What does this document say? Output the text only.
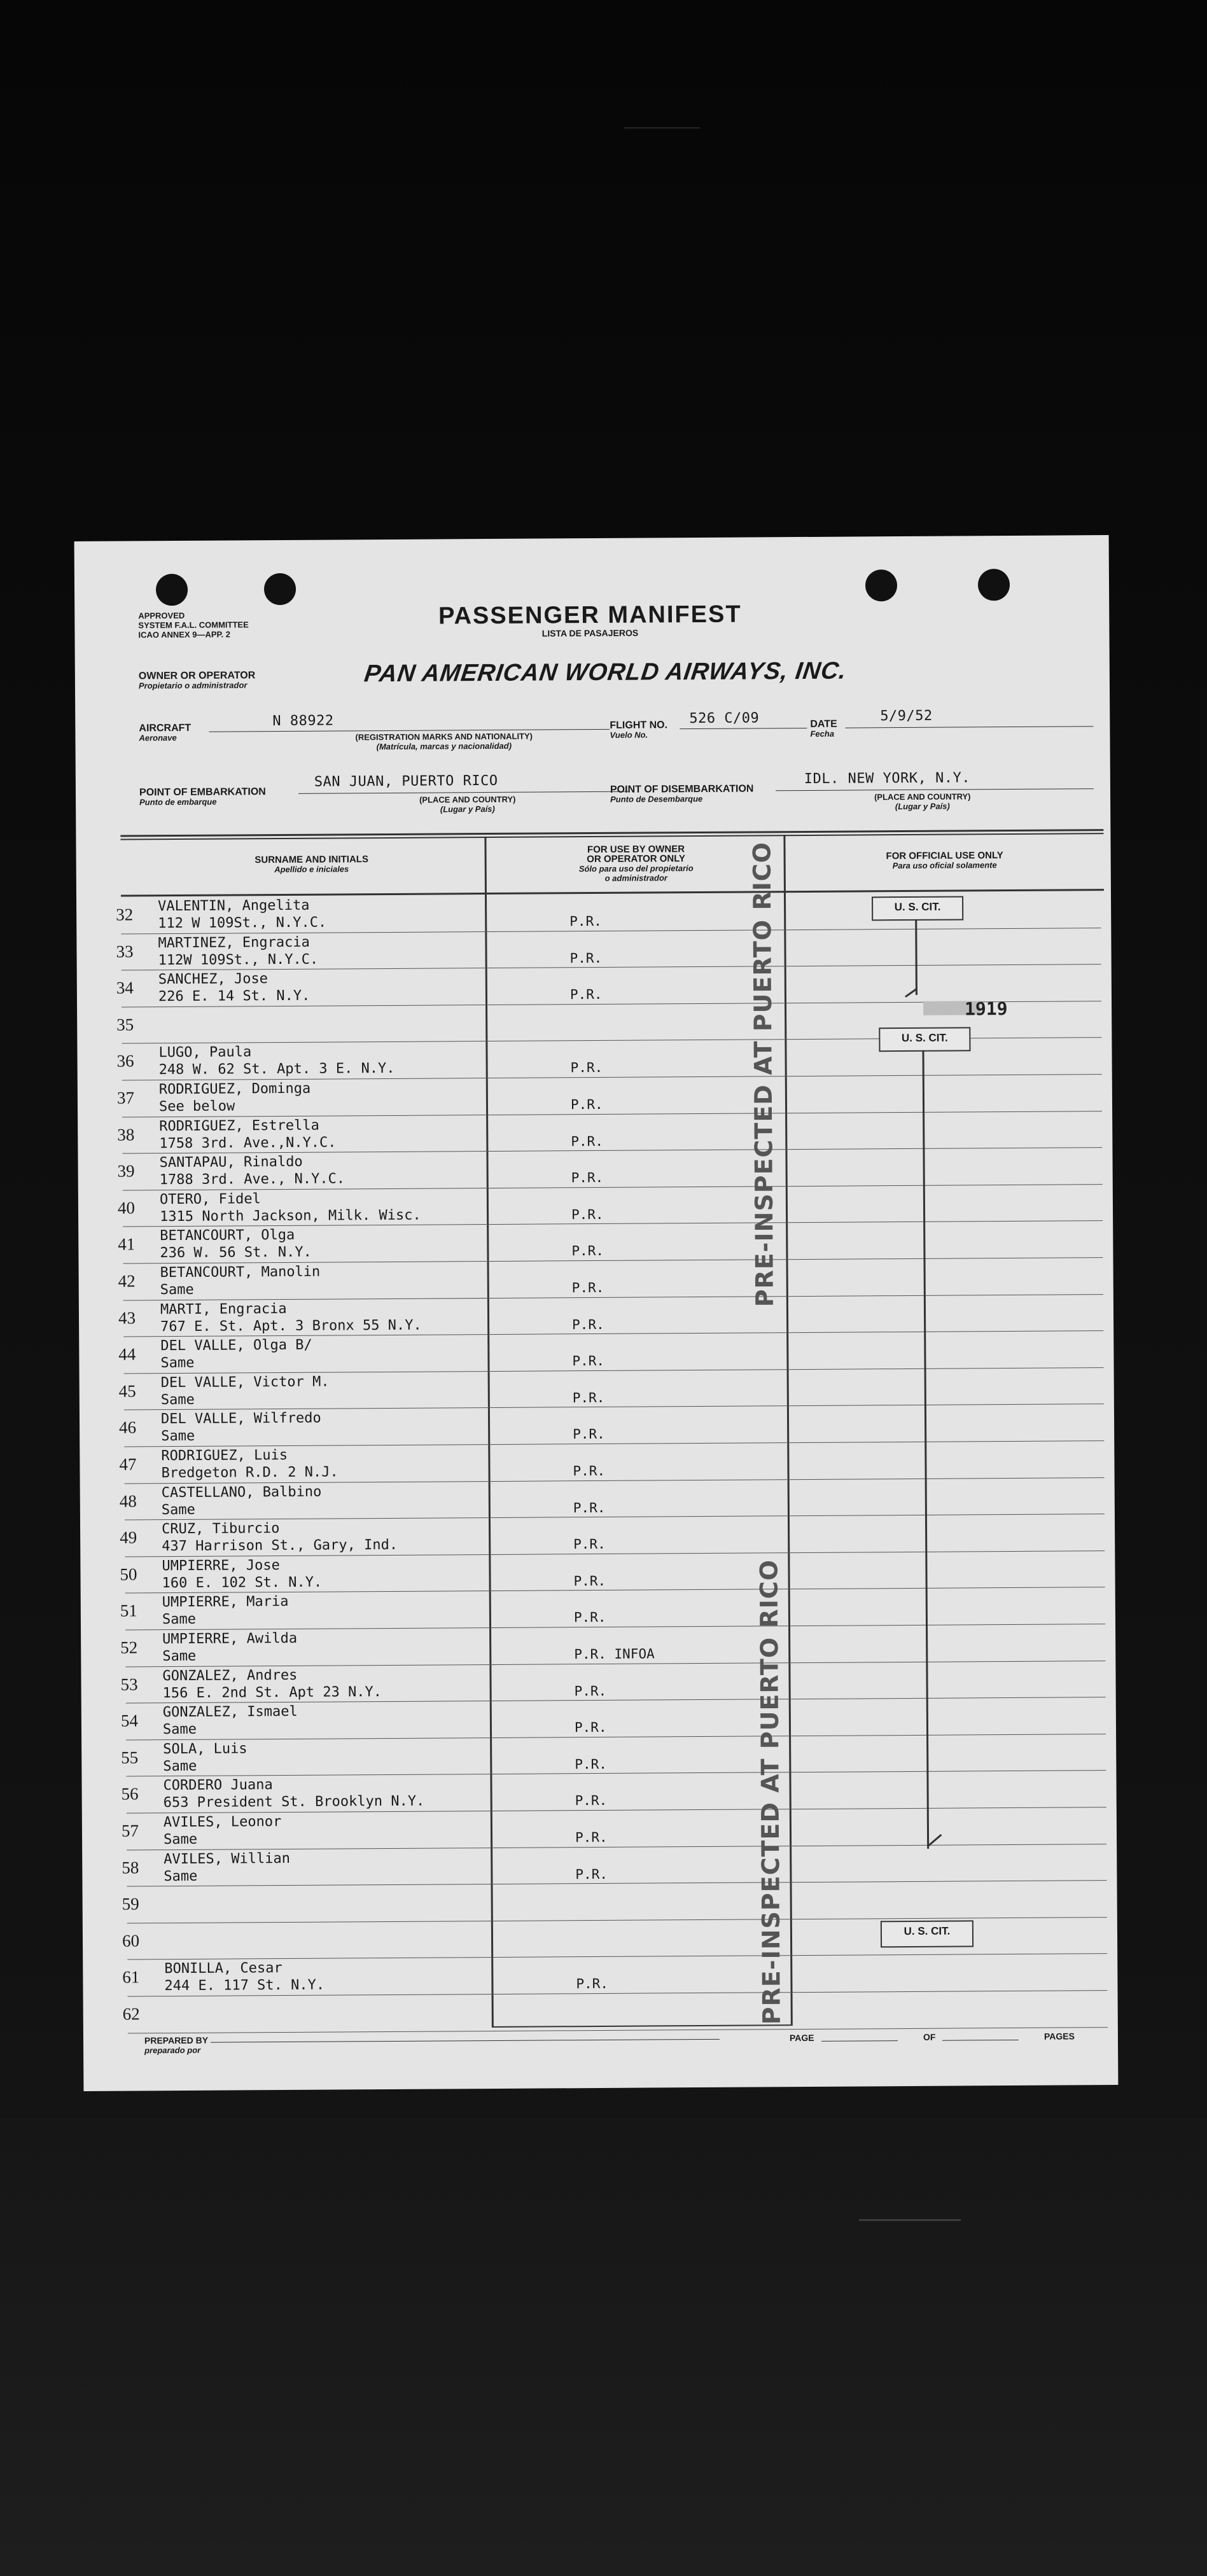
APPROVED
SYSTEM F.A.L. COMMITTEE
ICAO ANNEX 9—APP. 2
PASSENGER MANIFEST
LISTA DE PASAJEROS
OWNER OR OPERATOR
Propietario o administrador	PAN AMERICAN WORLD AIRWAYS, INC.
AIRCRAFT
Aeronave
N 88922
(REGISTRATION MARKS AND NATIONALITY)
(Matrícula, marcas y nacionalidad)
FLIGHT NO.
Vuelo No.
526 C/09	DATE
Fecha
5/9/52
POINT OF EMBARKATION
Punto de embarque
SAN JUAN, PUERTO RICO
(PLACE AND COUNTRY)
(Lugar y País)
POINT OF DISEMBARKATION
Punto de Desembarque
IDL. NEW YORK, N.Y.
(PLACE AND COUNTRY)
(Lugar y País)
SURNAME AND INITIALS
Apellido e iniciales
FOR USE BY OWNER
OR OPERATOR ONLY
Sólo para uso del propietario
o administrador
FOR OFFICIAL USE ONLY
Para uso oficial solamente
32	VALENTIN, Angelita
112 W 109St., N.Y.C.	P.R.
33	MARTINEZ, Engracia
112W 109St., N.Y.C.	P.R.
34	SANCHEZ, Jose
226 E. 14 St. N.Y.	P.R.
35
36	LUGO, Paula
248 W. 62 St. Apt. 3 E. N.Y.	P.R.
37	RODRIGUEZ, Dominga
See below	P.R.
38	RODRIGUEZ, Estrella
1758 3rd. Ave.,N.Y.C.	P.R.
39	SANTAPAU, Rinaldo
1788 3rd. Ave., N.Y.C.	P.R.
40	OTERO, Fidel
1315 North Jackson, Milk. Wisc.	P.R.
41	BETANCOURT, Olga
236 W. 56 St. N.Y.	P.R.
42	BETANCOURT, Manolin
Same	P.R.
43	MARTI, Engracia
767 E. St. Apt. 3 Bronx 55 N.Y.	P.R.
44	DEL VALLE, Olga B/
Same	P.R.
45	DEL VALLE, Victor M.
Same	P.R.
46	DEL VALLE, Wilfredo
Same	P.R.
47	RODRIGUEZ, Luis
Bredgeton R.D. 2 N.J.	P.R.
48	CASTELLANO, Balbino
Same	P.R.
49	CRUZ, Tiburcio
437 Harrison St., Gary, Ind.	P.R.
50	UMPIERRE, Jose
160 E. 102 St. N.Y.	P.R.
51	UMPIERRE, Maria
Same	P.R.
52	UMPIERRE, Awilda
Same	P.R. INFOA
53	GONZALEZ, Andres
156 E. 2nd St. Apt 23 N.Y.	P.R.
54	GONZALEZ, Ismael
Same	P.R.
55	SOLA, Luis
Same	P.R.
56	CORDERO Juana
653 President St. Brooklyn N.Y.	P.R.
57	AVILES, Leonor
Same	P.R.
58	AVILES, Willian
Same	P.R.
59
60
61	BONILLA, Cesar
244 E. 117 St. N.Y.	P.R.
62
U. S. CIT.
1919
U. S. CIT.
U. S. CIT.
PRE-INSPECTED AT PUERTO RICO
PRE-INSPECTED AT PUERTO RICO
PREPARED BY
preparado por
PAGE	OF	PAGES
